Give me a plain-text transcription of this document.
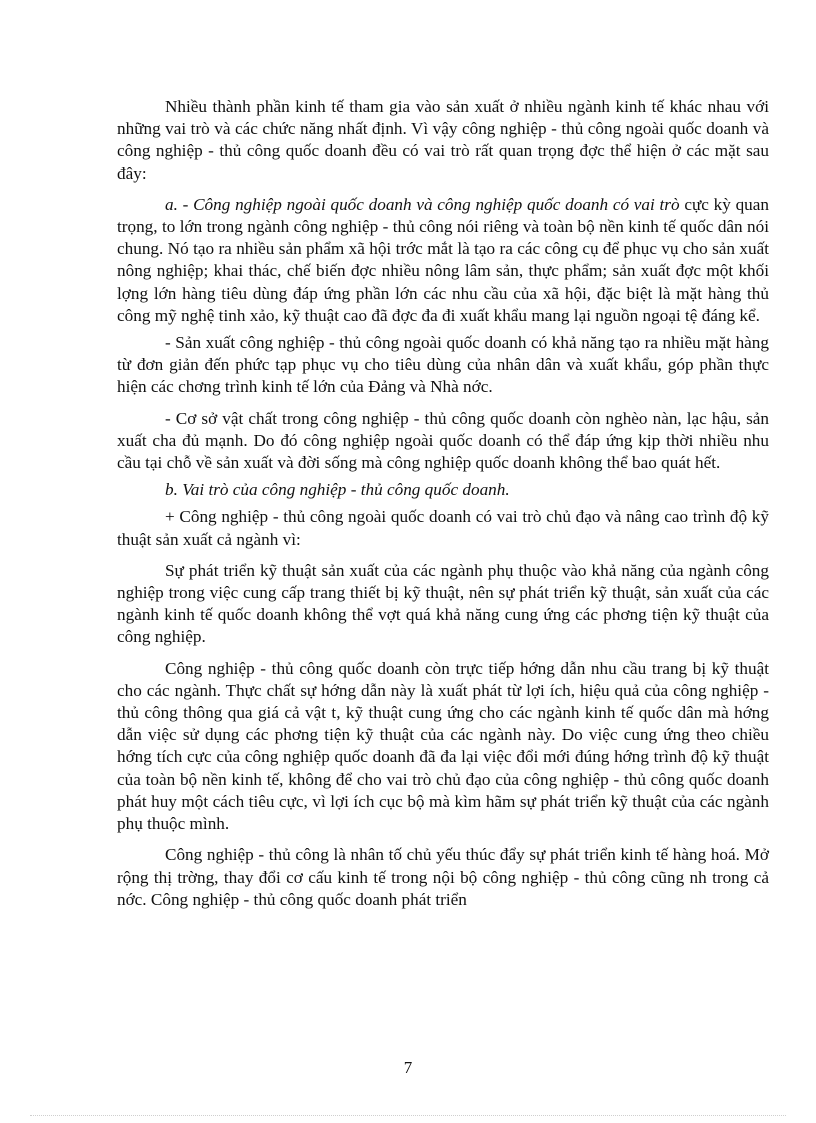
Nhiều thành phần kinh tế tham gia vào sản xuất ở nhiều ngành kinh tế khác nhau với những vai trò và các chức năng nhất định. Vì vậy công nghiệp - thủ công ngoài quốc doanh và công nghiệp - thủ công quốc doanh đều có vai trò rất quan trọng đợc thể hiện ở các mặt sau đây:

a. - Công nghiệp ngoài quốc doanh và công nghiệp quốc doanh có vai trò cực kỳ quan trọng, to lớn trong ngành công nghiệp - thủ công nói riêng và toàn bộ nền kinh tế quốc dân nói chung. Nó tạo ra nhiều sản phẩm xã hội trớc mắt là tạo ra các công cụ để phục vụ cho sản xuất nông nghiệp; khai thác, chế biến đợc nhiều nông lâm sản, thực phẩm; sản xuất đợc một khối lợng lớn hàng tiêu dùng đáp ứng phần lớn các nhu cầu của xã hội, đặc biệt là mặt hàng thủ công mỹ nghệ tinh xảo, kỹ thuật cao đã đợc đa đi xuất khẩu mang lại nguồn ngoại tệ đáng kể.

- Sản xuất công nghiệp - thủ công ngoài quốc doanh có khả năng tạo ra nhiều mặt hàng từ đơn giản đến phức tạp phục vụ cho tiêu dùng của nhân dân và xuất khẩu, góp phần thực hiện các chơng trình kinh tế lớn của Đảng và Nhà nớc.

- Cơ sở vật chất trong công nghiệp - thủ công quốc doanh còn nghèo nàn, lạc hậu, sản xuất cha đủ mạnh. Do đó công nghiệp ngoài quốc doanh có thể đáp ứng kịp thời nhiều nhu cầu tại chỗ về sản xuất và đời sống mà công nghiệp quốc doanh không thể bao quát hết.

b. Vai trò của công nghiệp - thủ công quốc doanh.

+ Công nghiệp - thủ công ngoài quốc doanh có vai trò chủ đạo và nâng cao trình độ kỹ thuật sản xuất cả ngành vì:

Sự phát triển kỹ thuật sản xuất của các ngành phụ thuộc vào khả năng của ngành công nghiệp trong việc cung cấp trang thiết bị kỹ thuật, nên sự phát triển kỹ thuật, sản xuất của các ngành kinh tế quốc doanh không thể vợt quá khả năng cung ứng các phơng tiện kỹ thuật của công nghiệp.

Công nghiệp - thủ công quốc doanh còn trực tiếp hớng dẫn nhu cầu trang bị kỹ thuật cho các ngành. Thực chất sự hớng dẫn này là xuất phát từ lợi ích, hiệu quả của công nghiệp - thủ công thông qua giá cả vật t, kỹ thuật cung ứng cho các ngành kinh tế quốc dân mà hớng dẫn việc sử dụng các phơng tiện kỹ thuật của các ngành này. Do việc cung ứng theo chiều hớng tích cực của công nghiệp quốc doanh đã đa lại việc đổi mới đúng hớng trình độ kỹ thuật của toàn bộ nền kinh tế, không để cho vai trò chủ đạo của công nghiệp - thủ công quốc doanh phát huy một cách tiêu cực, vì lợi ích cục bộ mà kìm hãm sự phát triển kỹ thuật của các ngành phụ thuộc mình.

Công nghiệp - thủ công là nhân tố chủ yếu thúc đẩy sự phát triển kinh tế hàng hoá. Mở rộng thị trờng, thay đổi cơ cấu kinh tế trong nội bộ công nghiệp - thủ công cũng nh trong cả nớc. Công nghiệp - thủ công quốc doanh phát triển

7
